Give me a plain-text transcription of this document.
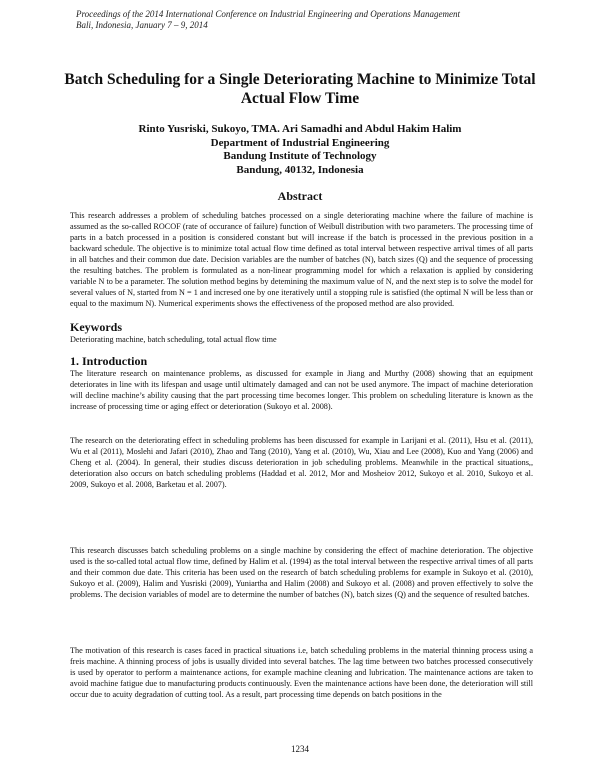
Proceedings of the 2014 International Conference on Industrial Engineering and Operations Management
Bali, Indonesia, January 7 – 9, 2014
Batch Scheduling for a Single Deteriorating Machine to Minimize Total Actual Flow Time
Rinto Yusriski, Sukoyo, TMA. Ari Samadhi and Abdul Hakim Halim
Department of Industrial Engineering
Bandung Institute of Technology
Bandung, 40132, Indonesia
Abstract

This research addresses a problem of scheduling batches processed on a single deteriorating machine where the failure of machine is assumed as the so-called ROCOF (rate of occurance of failure) function of Weibull distribution with two parameters. The processing time of parts in a batch processed in a position is considered constant but will increase if the batch is processed in the previous position in a backward schedule. The objective is to minimize total actual flow time defined as total interval between respective arrival times of all parts in all batches and their common due date. Decision variables are the number of batches (N), batch sizes (Q) and the sequence of processing the resulting batches. The problem is formulated as a non-linear programming model for which a relaxation is applied by considering variable N to be a parameter. The solution method begins by detemining the maximum value of N, and the next step is to solve the model for several values of N, started from N = 1 and incresed one by one iteratively until a stopping rule is satisfied (the optimal N will be less than or equal to the maximum N). Numerical experiments shows the effectiveness of the proposed method are also provided.

Keywords
Deteriorating machine, batch scheduling, total actual flow time
1. Introduction

The literature research on maintenance problems, as discussed for example in Jiang and Murthy (2008) showing that an equipment deteriorates in line with its lifespan and usage until ultimately damaged and can not be used anymore. The impact of machine deterioration will decline machine’s ability causing that the part processing time becomes longer. This problem on scheduling literature is known as the increase of processing time or aging effect or deterioration (Sukoyo et al. 2008).

The research on the deteriorating effect in scheduling problems has been discussed for example in Larijani et al. (2011), Hsu et al. (2011), Wu et al (2011), Moslehi and Jafari (2010), Zhao and Tang (2010), Yang et al. (2010), Wu, Xiau and Lee (2008), Kuo and Yang (2006) and Cheng et al. (2004). In general, their studies discuss deterioration in job scheduling problems. Meanwhile in the practical situations,, deterioration also occurs on batch scheduling problems (Haddad et al. 2012, Mor and Mosheiov 2012, Sukoyo et al. 2010, Sukoyo et al. 2009, Sukoyo et al. 2008, Barketau et al. 2007).

This research discusses batch scheduling problems on a single machine by considering the effect of machine deterioration. The objective used is the so-called total actual flow time, defined by Halim et al. (1994) as the total interval between the respective arrival times of all parts and their common due date. This criteria has been used on the research of batch scheduling problems for example in Sukoyo et al. (2010), Sukoyo et al. (2009), Halim and Yusriski (2009), Yuniartha and Halim (2008) and Sukoyo et al. (2008) and proven effectively to solve the problems. The decision variables of model are to determine the number of batches (N), batch sizes (Q) and the sequence of resulted batches.

The motivation of this research is cases faced in practical situations i.e, batch scheduling problems in the material thinning process using a freis machine. A thinning process of jobs is usually divided into several batches. The lag time between two batches processed consecutively is used by operator to perform a maintenance actions, for example machine cleaning and lubrication. The maintenance actions are taken to avoid machine fatigue due to manufacturing products continuously. Even the maintenance actions have been done, the deterioration will still occur due to acuity degradation of cutting tool. As a result, part processing time depends on batch positions in the

1234
